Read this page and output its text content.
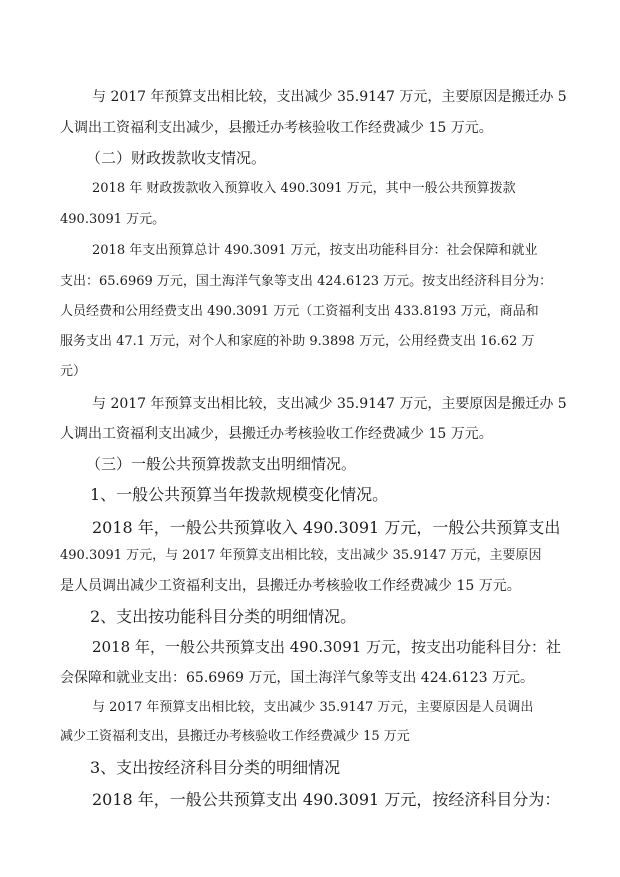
与 2017 年预算支出相比较，支出减少 35.9147 万元，主要原因是搬迁办 5
人调出工资福利支出减少，县搬迁办考核验收工作经费减少 15 万元。
（二）财政拨款收支情况。
2018 年 财政拨款收入预算收入 490.3091 万元，其中一般公共预算拨款
490.3091 万元。
2018 年支出预算总计 490.3091 万元，按支出功能科目分：社会保障和就业
支出：65.6969 万元，国土海洋气象等支出 424.6123 万元。按支出经济科目分为：
人员经费和公用经费支出 490.3091 万元（工资福利支出 433.8193 万元，商品和
服务支出 47.1 万元，对个人和家庭的补助 9.3898 万元，公用经费支出 16.62 万
元）
与 2017 年预算支出相比较，支出减少 35.9147 万元，主要原因是搬迁办 5
人调出工资福利支出减少，县搬迁办考核验收工作经费减少 15 万元。
（三）一般公共预算拨款支出明细情况。
1、一般公共预算当年拨款规模变化情况。
2018 年，一般公共预算收入 490.3091 万元，一般公共预算支出
490.3091 万元，与 2017 年预算支出相比较，支出减少 35.9147 万元，主要原因
是人员调出减少工资福利支出，县搬迁办考核验收工作经费减少 15 万元。
2、支出按功能科目分类的明细情况。
2018 年，一般公共预算支出 490.3091 万元，按支出功能科目分：社
会保障和就业支出：65.6969 万元，国土海洋气象等支出 424.6123 万元。
与 2017 年预算支出相比较，支出减少 35.9147 万元，主要原因是人员调出
减少工资福利支出，县搬迁办考核验收工作经费减少 15 万元
3、支出按经济科目分类的明细情况
2018 年，一般公共预算支出 490.3091 万元，按经济科目分为：
